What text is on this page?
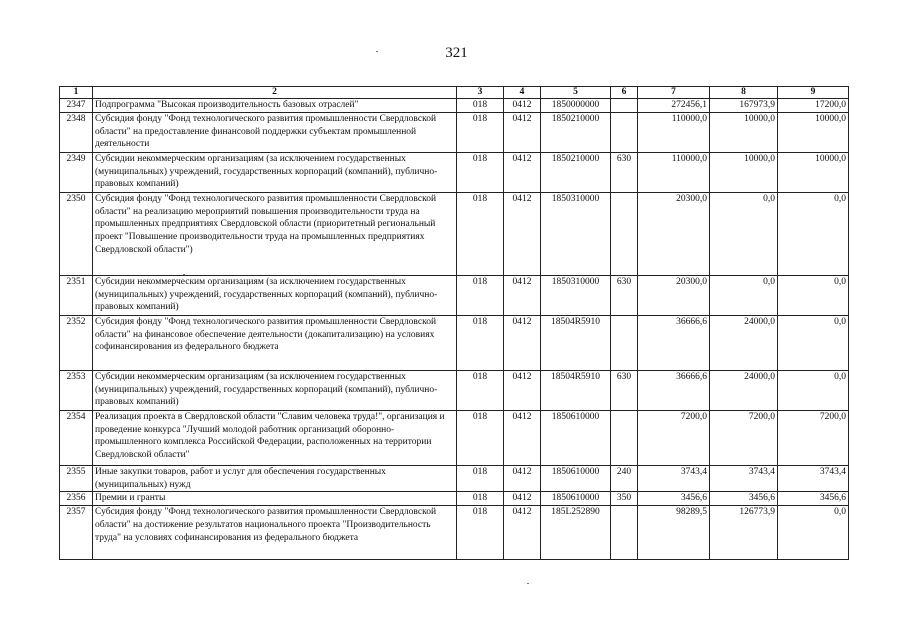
321
1	2	3	4	5	6	7	8	9
2347	Подпрограмма "Высокая производительность базовых отраслей"	018	0412	1850000000		272456,1	167973,9	17200,0
2348	Субсидия фонду "Фонд технологического развития промышленности Свердловской области" на предоставление финансовой поддержки субъектам промышленной деятельности	018	0412	1850210000		110000,0	10000,0	10000,0
2349	Субсидии некоммерческим организациям (за исключением государственных (муниципальных) учреждений, государственных корпораций (компаний), публично-правовых компаний)	018	0412	1850210000	630	110000,0	10000,0	10000,0
2350	Субсидия фонду "Фонд технологического развития промышленности Свердловской области" на реализацию мероприятий повышения производительности труда на промышленных предприятиях Свердловской области (приоритетный региональный проект "Повышение производительности труда на промышленных предприятиях Свердловской области")	018	0412	1850310000		20300,0	0,0	0,0
2351	Субсидии некоммерческим организациям (за исключением государственных (муниципальных) учреждений, государственных корпораций (компаний), публично-правовых компаний)	018	0412	1850310000	630	20300,0	0,0	0,0
2352	Субсидия фонду "Фонд технологического развития промышленности Свердловской области" на финансовое обеспечение деятельности (докапитализацию) на условиях софинансирования из федерального бюджета	018	0412	18504R5910		36666,6	24000,0	0,0
2353	Субсидии некоммерческим организациям (за исключением государственных (муниципальных) учреждений, государственных корпораций (компаний), публично-правовых компаний)	018	0412	18504R5910	630	36666,6	24000,0	0,0
2354	Реализация проекта в Свердловской области "Славим человека труда!", организация и проведение конкурса "Лучший молодой работник организаций оборонно-промышленного комплекса Российской Федерации, расположенных на территории Свердловской области"	018	0412	1850610000		7200,0	7200,0	7200,0
2355	Иные закупки товаров, работ и услуг для обеспечения государственных (муниципальных) нужд	018	0412	1850610000	240	3743,4	3743,4	3743,4
2356	Премии и гранты	018	0412	1850610000	350	3456,6	3456,6	3456,6
2357	Субсидия фонду "Фонд технологического развития промышленности Свердловской области" на достижение результатов национального проекта "Производительность труда" на условиях софинансирования из федерального бюджета	018	0412	185L252890		98289,5	126773,9	0,0
